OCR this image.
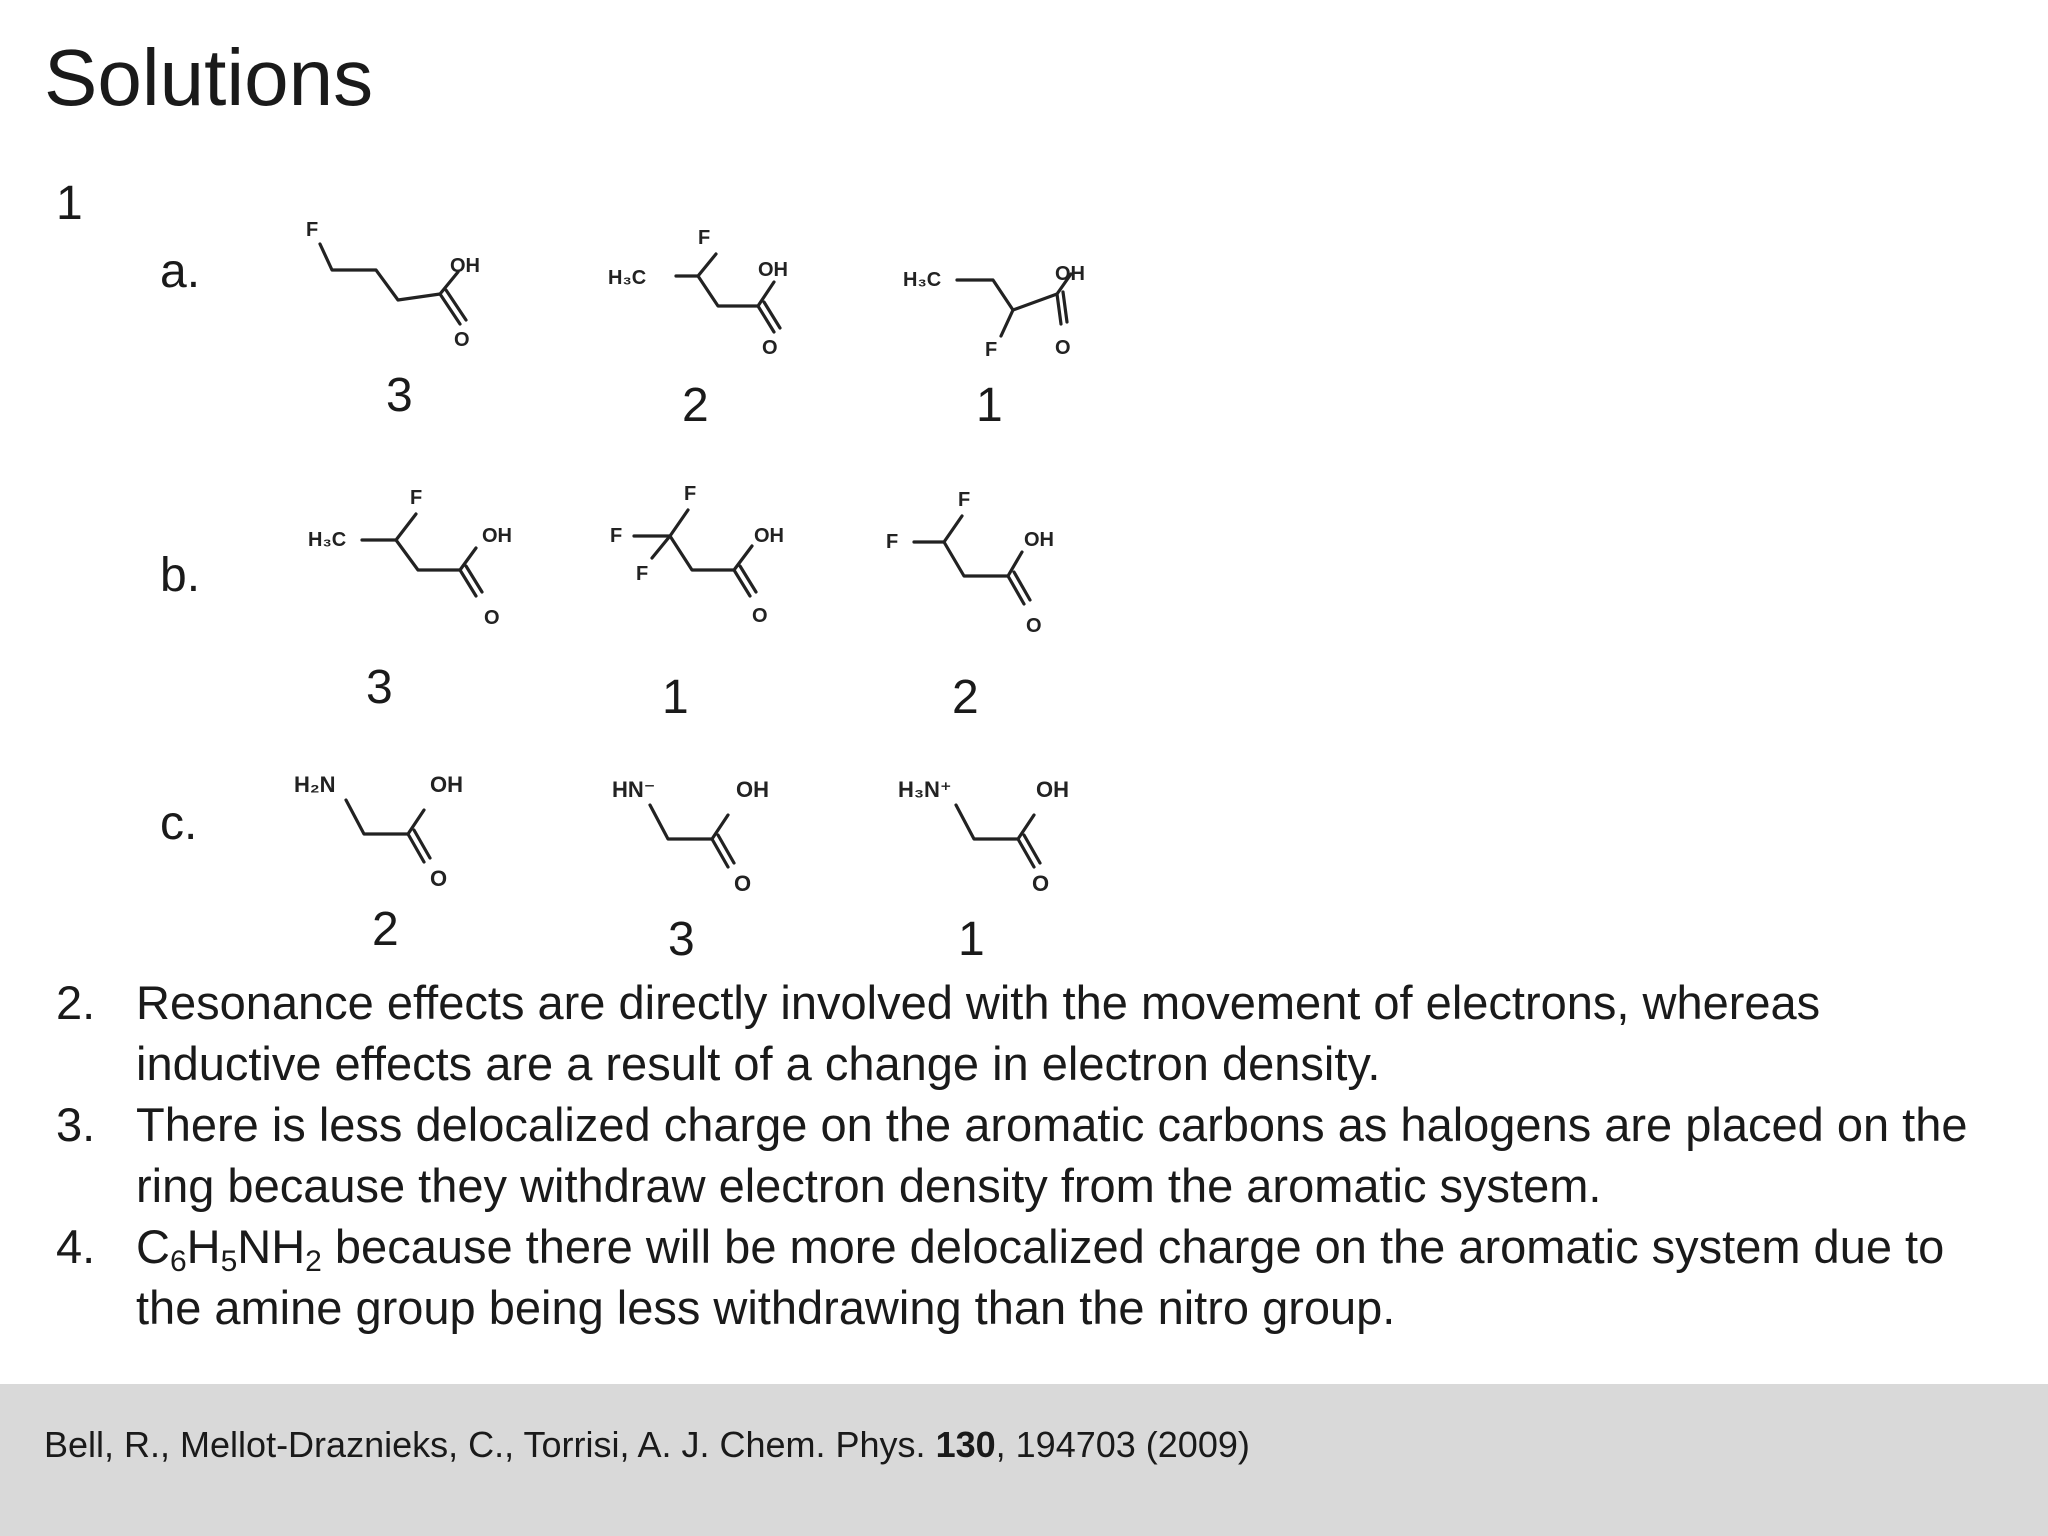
Solutions
1
a.
b.
c.
F
OH
O
H₃C
F
OH
O
H₃C
F
OH
O
3	2	1
H₃C
F
OH
O
F
F
F
OH
O
F
F
OH
O
3	1	2
H₂N	OH
O
HN⁻	OH
O
H₃N⁺	OH
O
2	3	1
2. Resonance effects are directly involved with the movement of electrons, whereas inductive effects are a result of a change in electron density.
3. There is less delocalized charge on the aromatic carbons as halogens are placed on the ring because they withdraw electron density from the aromatic system.
4. $C_6H_5NH_2$ because there will be more delocalized charge on the aromatic system due to the amine group being less withdrawing than the nitro group.
Bell, R., Mellot-Draznieks, C., Torrisi, A. J. Chem. Phys. 130, 194703 (2009)
